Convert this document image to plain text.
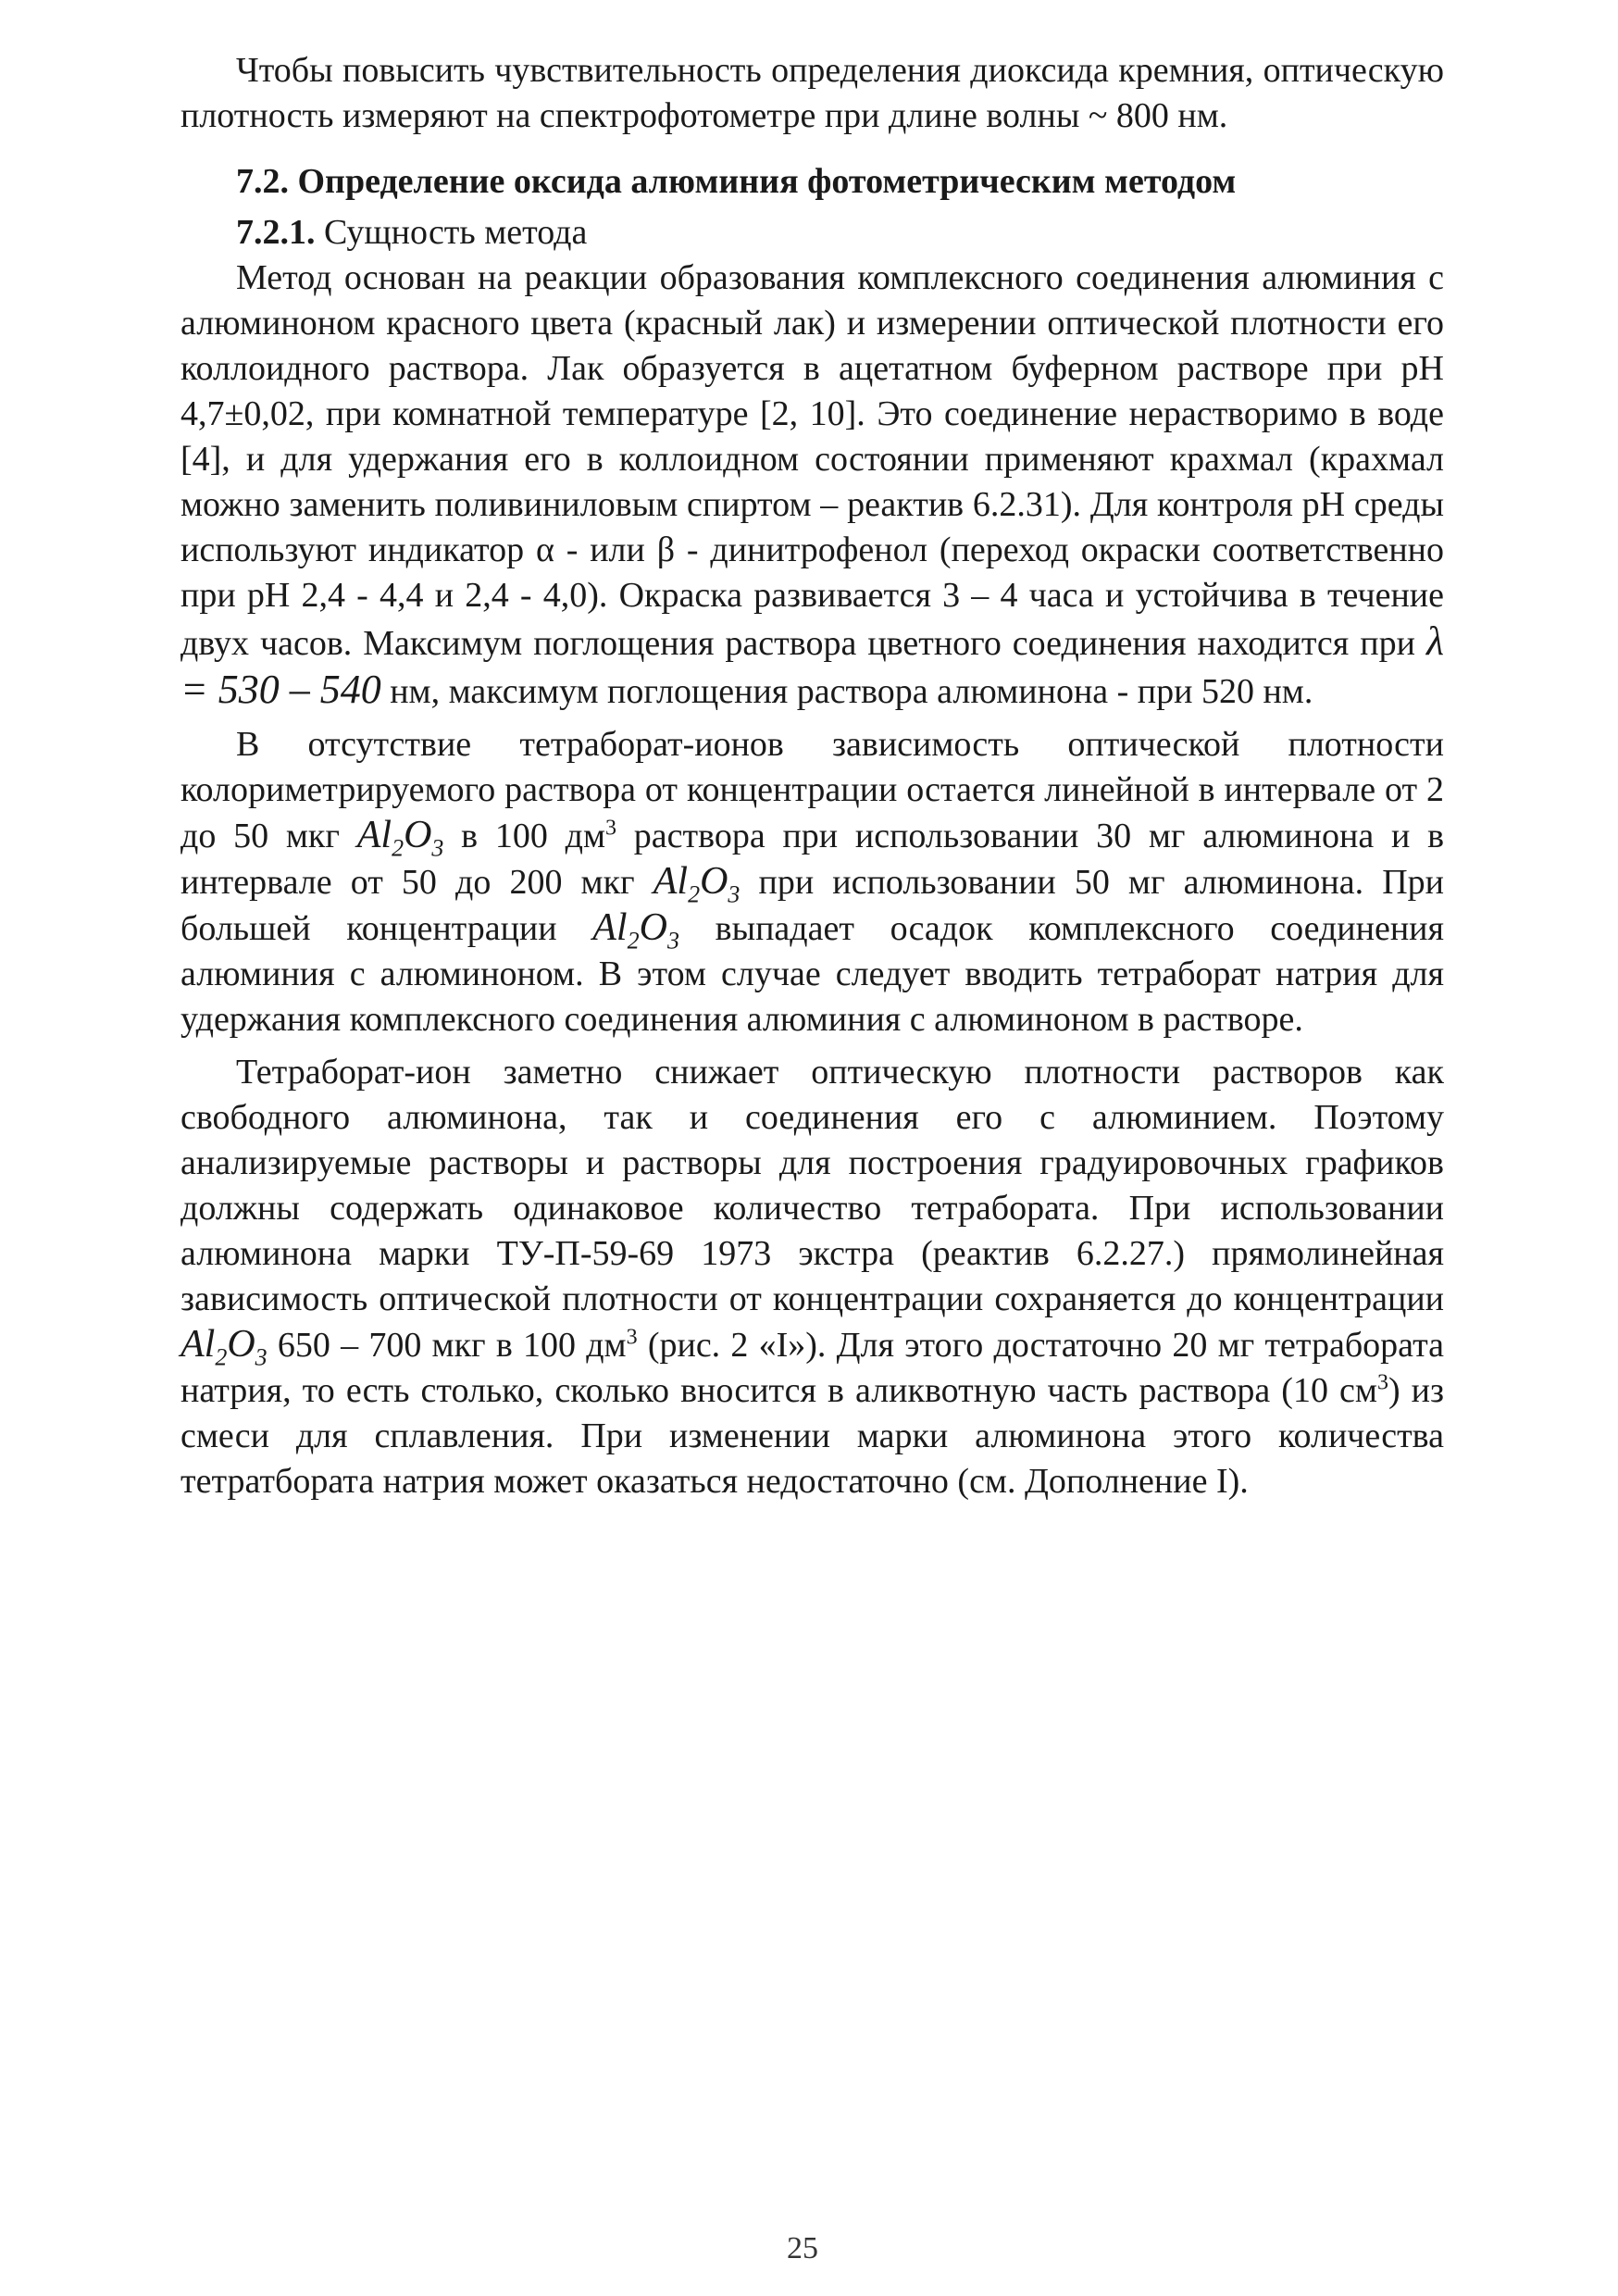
Чтобы повысить чувствительность определения диоксида кремния, оптическую плотность измеряют на спектрофотометре при длине волны ~ 800 нм.

7.2. Определение оксида алюминия фотометрическим методом
7.2.1. Сущность метода

Метод основан на реакции образования комплексного соединения алюминия с алюминоном красного цвета (красный лак) и измерении оптической плотности его коллоидного раствора. Лак образуется в ацетатном буферном растворе при pH 4,7±0,02, при комнатной температуре [2, 10]. Это соединение нерастворимо в воде [4], и для удержания его в коллоидном состоянии применяют крахмал (крахмал можно заменить поливиниловым спиртом – реактив 6.2.31). Для контроля pH среды используют индикатор α - или β - динитрофенол (переход окраски соответственно при pH 2,4 - 4,4 и 2,4 - 4,0). Окраска развивается 3 – 4 часа и устойчива в течение двух часов. Максимум поглощения раствора цветного соединения находится при λ = 530 – 540 нм, максимум поглощения раствора алюминона - при 520 нм.

В отсутствие тетраборат-ионов зависимость оптической плотности колориметрируемого раствора от концентрации остается линейной в интервале от 2 до 50 мкг $Al_2O_3$ в 100 $дм^3$ раствора при использовании 30 мг алюминона и в интервале от 50 до 200 мкг $Al_2O_3$ при использовании 50 мг алюминона. При большей концентрации $Al_2O_3$ выпадает осадок комплексного соединения алюминия с алюминоном. В этом случае следует вводить тетраборат натрия для удержания комплексного соединения алюминия с алюминоном в растворе.

Тетраборат-ион заметно снижает оптическую плотности растворов как свободного алюминона, так и соединения его с алюминием. Поэтому анализируемые растворы и растворы для построения градуировочных графиков должны содержать одинаковое количество тетрабората. При использовании алюминона марки ТУ-П-59-69 1973 экстра (реактив 6.2.27.) прямолинейная зависимость оптической плотности от концентрации сохраняется до концентрации $Al_2O_3$ 650 – 700 мкг в 100 $дм^3$ (рис. 2 «I»). Для этого достаточно 20 мг тетрабората натрия, то есть столько, сколько вносится в аликвотную часть раствора (10 $см^3$) из смеси для сплавления. При изменении марки алюминона этого количества тетратбората натрия может оказаться недостаточно (см. Дополнение I).

25
